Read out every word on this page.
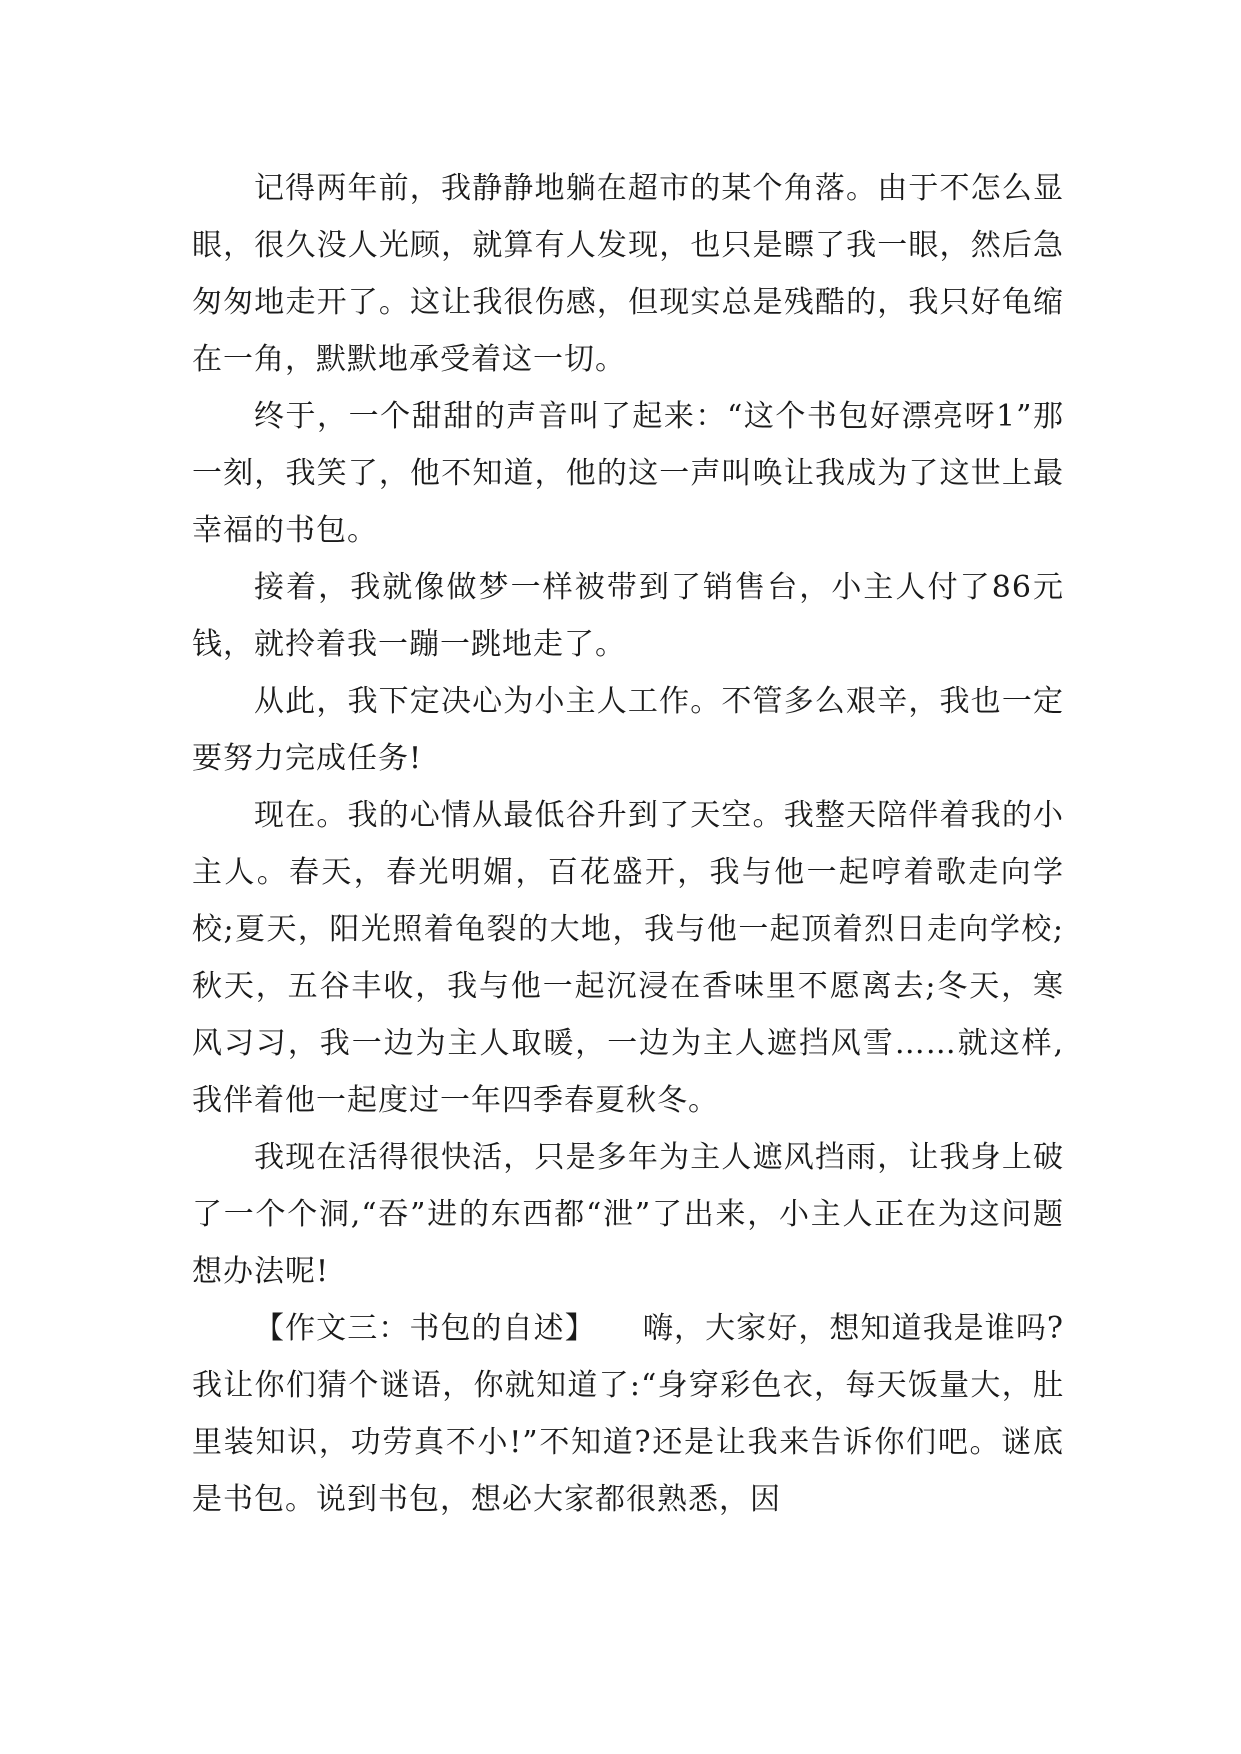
记得两年前，我静静地躺在超市的某个角落。由于不怎么显眼，很久没人光顾，就算有人发现，也只是瞟了我一眼，然后急匆匆地走开了。这让我很伤感，但现实总是残酷的，我只好龟缩在一角，默默地承受着这一切。

终于，一个甜甜的声音叫了起来：“这个书包好漂亮呀1”那一刻，我笑了，他不知道，他的这一声叫唤让我成为了这世上最幸福的书包。

接着，我就像做梦一样被带到了销售台，小主人付了86元钱，就拎着我一蹦一跳地走了。

从此，我下定决心为小主人工作。不管多么艰辛，我也一定要努力完成任务!

现在。我的心情从最低谷升到了天空。我整天陪伴着我的小主人。春天，春光明媚，百花盛开，我与他一起哼着歌走向学校;夏天，阳光照着龟裂的大地，我与他一起顶着烈日走向学校;秋天，五谷丰收，我与他一起沉浸在香味里不愿离去;冬天，寒风习习，我一边为主人取暖，一边为主人遮挡风雪……就这样,我伴着他一起度过一年四季春夏秋冬。

我现在活得很快活，只是多年为主人遮风挡雨，让我身上破了一个个洞,“吞”进的东西都“泄”了出来，小主人正在为这问题想办法呢!

【作文三：书包的自述】　　嗨，大家好，想知道我是谁吗?我让你们猜个谜语，你就知道了:“身穿彩色衣，每天饭量大，肚里装知识，功劳真不小!”不知道?还是让我来告诉你们吧。谜底是书包。说到书包，想必大家都很熟悉，因
